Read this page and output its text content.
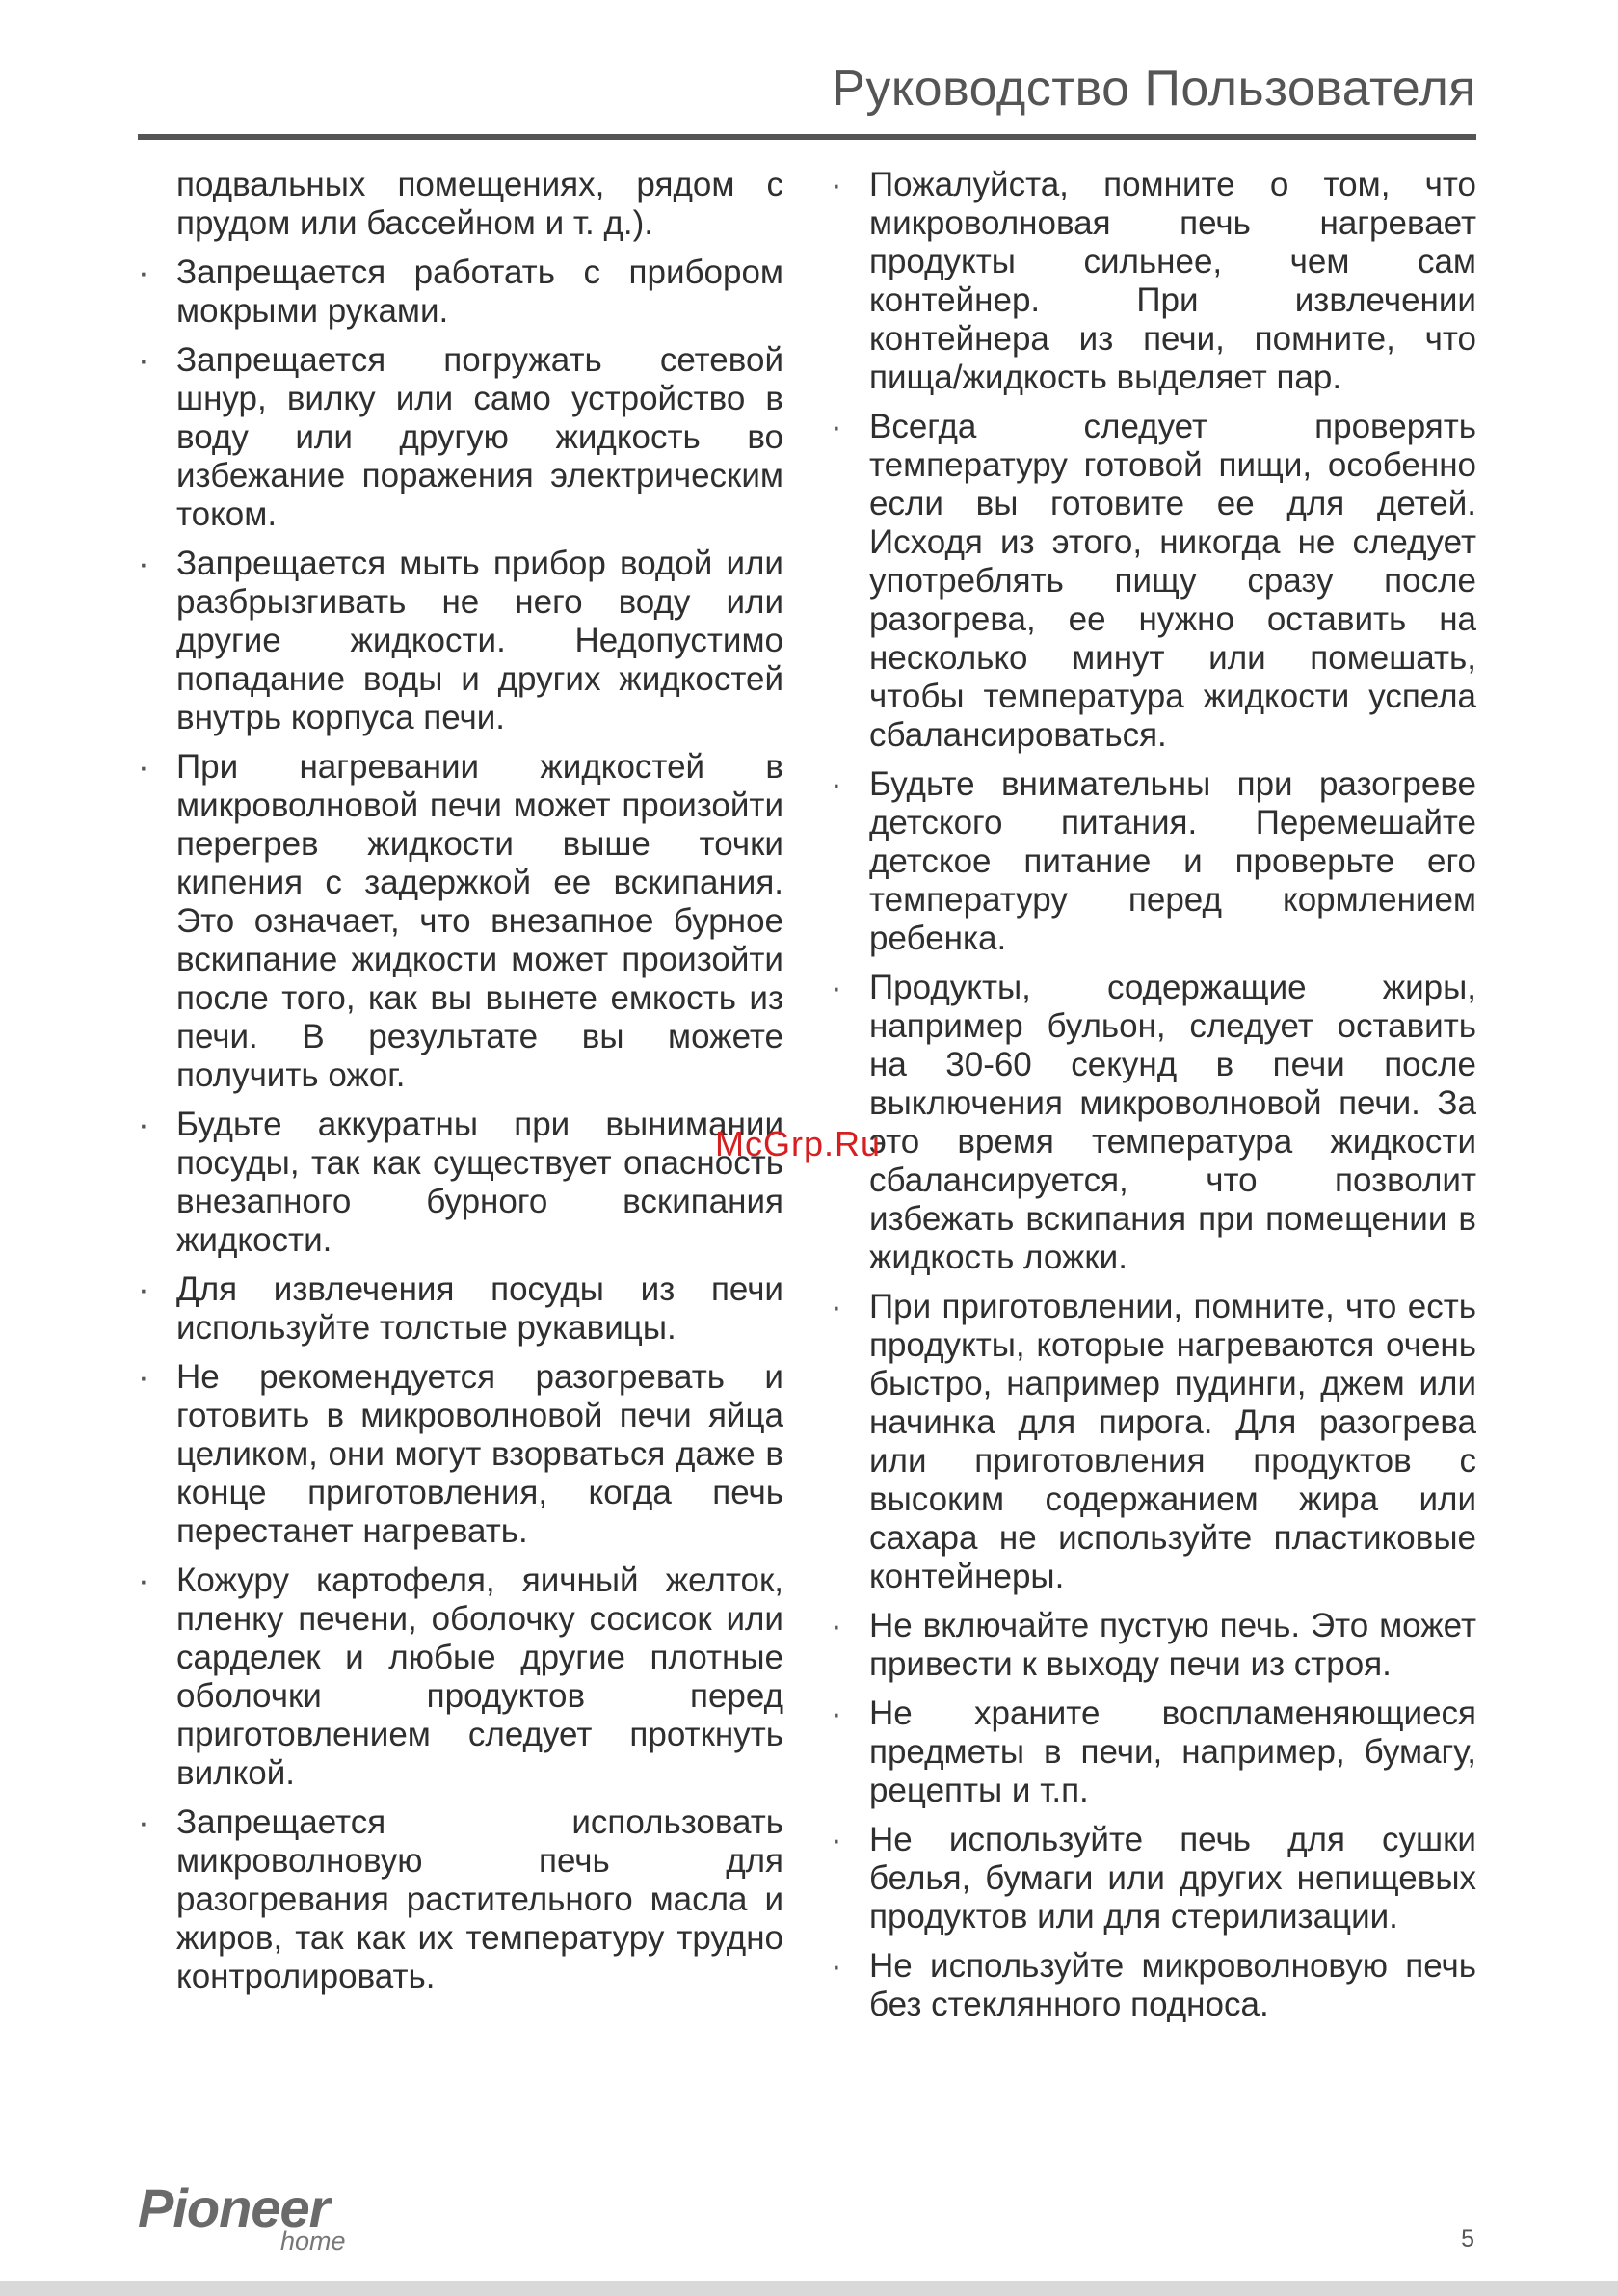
Руководство Пользователя
подвальных помещениях, рядом с прудом или бассейном и т. д.).
· Запрещается работать с прибором мокрыми руками.
· Запрещается погружать сетевой шнур, вилку или само устройство в воду или другую жидкость во избежание поражения электрическим током.
· Запрещается мыть прибор водой или разбрызгивать не него воду или другие жидкости. Недопустимо попадание воды и других жидкостей внутрь корпуса печи.
· При нагревании жидкостей в микроволновой печи может произойти перегрев жидкости выше точки кипения с задержкой ее вскипания. Это означает, что внезапное бурное вскипание жидкости может произойти после того, как вы вынете емкость из печи. В результате вы можете получить ожог.
· Будьте аккуратны при вынимании посуды, так как существует опасность внезапного бурного вскипания жидкости.
· Для извлечения посуды из печи используйте толстые рукавицы.
· Не рекомендуется разогревать и готовить в микроволновой печи яйца целиком, они могут взорваться даже в конце приготовления, когда печь перестанет нагревать.
· Кожуру картофеля, яичный желток, пленку печени, оболочку сосисок или сарделек и любые другие плотные оболочки продуктов перед приготовлением следует проткнуть вилкой.
· Запрещается использовать микроволновую печь для разогревания растительного масла и жиров, так как их температуру трудно контролировать.
· Пожалуйста, помните о том, что микроволновая печь нагревает продукты сильнее, чем сам контейнер. При извлечении контейнера из печи, помните, что пища/жидкость выделяет пар.
· Всегда следует проверять температуру готовой пищи, особенно если вы готовите ее для детей. Исходя из этого, никогда не следует употреблять пищу сразу после разогрева, ее нужно оставить на несколько минут или помешать, чтобы температура жидкости успела сбалансироваться.
· Будьте внимательны при разогреве детского питания. Перемешайте детское питание и проверьте его температуру перед кормлением ребенка.
· Продукты, содержащие жиры, например бульон, следует оставить на 30-60 секунд в печи после выключения микроволновой печи. За это время температура жидкости сбалансируется, что позволит избежать вскипания при помещении в жидкость ложки.
· При приготовлении, помните, что есть продукты, которые нагреваются очень быстро, например пудинги, джем или начинка для пирога. Для разогрева или приготовления продуктов с высоким содержанием жира или сахара не используйте пластиковые контейнеры.
· Не включайте пустую печь. Это может привести к выходу печи из строя.
· Не храните воспламеняющиеся предметы в печи, например, бумагу, рецепты и т.п.
· Не используйте печь для сушки белья, бумаги или других непищевых продуктов или для стерилизации.
· Не используйте микроволновую печь без стеклянного подноса.
McGrp.Ru
Pioneer
home	5
